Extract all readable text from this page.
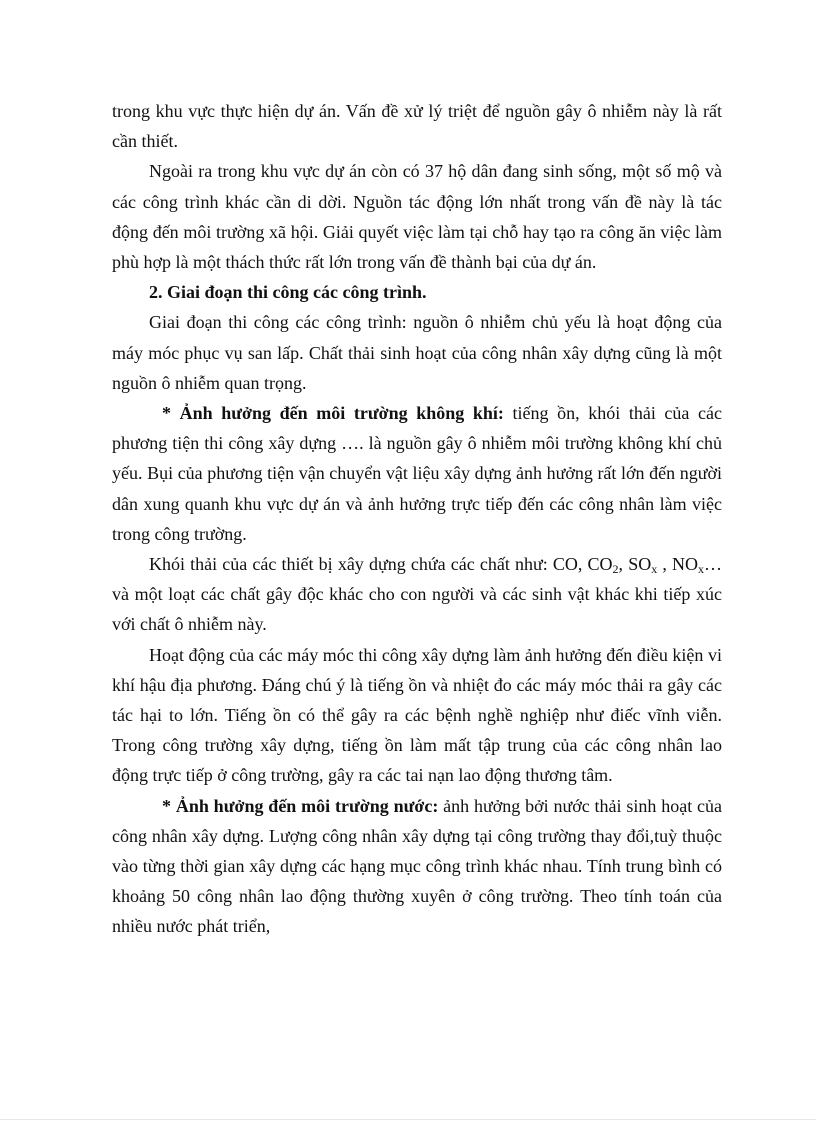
trong khu vực thực hiện dự án. Vấn đề xử lý triệt để nguồn gây ô nhiễm này là rất cần thiết.

Ngoài ra trong khu vực dự án còn có 37 hộ dân đang sinh sống, một số mộ và các công trình khác cần di dời. Nguồn tác động lớn nhất trong vấn đề này là tác động đến môi trường xã hội. Giải quyết việc làm tại chỗ hay tạo ra công ăn việc làm phù hợp là một thách thức rất lớn trong vấn đề thành bại của dự án.

2. Giai đoạn thi công các công trình.

Giai đoạn thi công các công trình: nguồn ô nhiễm chủ yếu là hoạt động của máy móc phục vụ san lấp. Chất thải sinh hoạt của công nhân xây dựng cũng là một nguồn ô nhiễm quan trọng.

* Ảnh hưởng đến môi trường không khí: tiếng ồn, khói thải của các phương tiện thi công xây dựng …. là nguồn gây ô nhiễm môi trường không khí chủ yếu. Bụi của phương tiện vận chuyển vật liệu xây dựng ảnh hưởng rất lớn đến người dân xung quanh khu vực dự án và ảnh hưởng trực tiếp đến các công nhân làm việc trong công trường.

Khói thải của các thiết bị xây dựng chứa các chất như: CO, $CO_2$, $SO_x$ , $NO_x\dots$ và một loạt các chất gây độc khác cho con người và các sinh vật khác khi tiếp xúc với chất ô nhiễm này.

Hoạt động của các máy móc thi công xây dựng làm ảnh hưởng đến điều kiện vi khí hậu địa phương. Đáng chú ý là tiếng ồn và nhiệt đo các máy móc thải ra gây các tác hại to lớn. Tiếng ồn có thể gây ra các bệnh nghề nghiệp như điếc vĩnh viễn. Trong công trường xây dựng, tiếng ồn làm mất tập trung của các công nhân lao động trực tiếp ở công trường, gây ra các tai nạn lao động thương tâm.

* Ảnh hưởng đến môi trường nước: ảnh hưởng bởi nước thải sinh hoạt của công nhân xây dựng. Lượng công nhân xây dựng tại công trường thay đổi,tuỳ thuộc vào từng thời gian xây dựng các hạng mục công trình khác nhau. Tính trung bình có khoảng 50 công nhân lao động thường xuyên ở công trường. Theo tính toán của nhiều nước phát triển,
